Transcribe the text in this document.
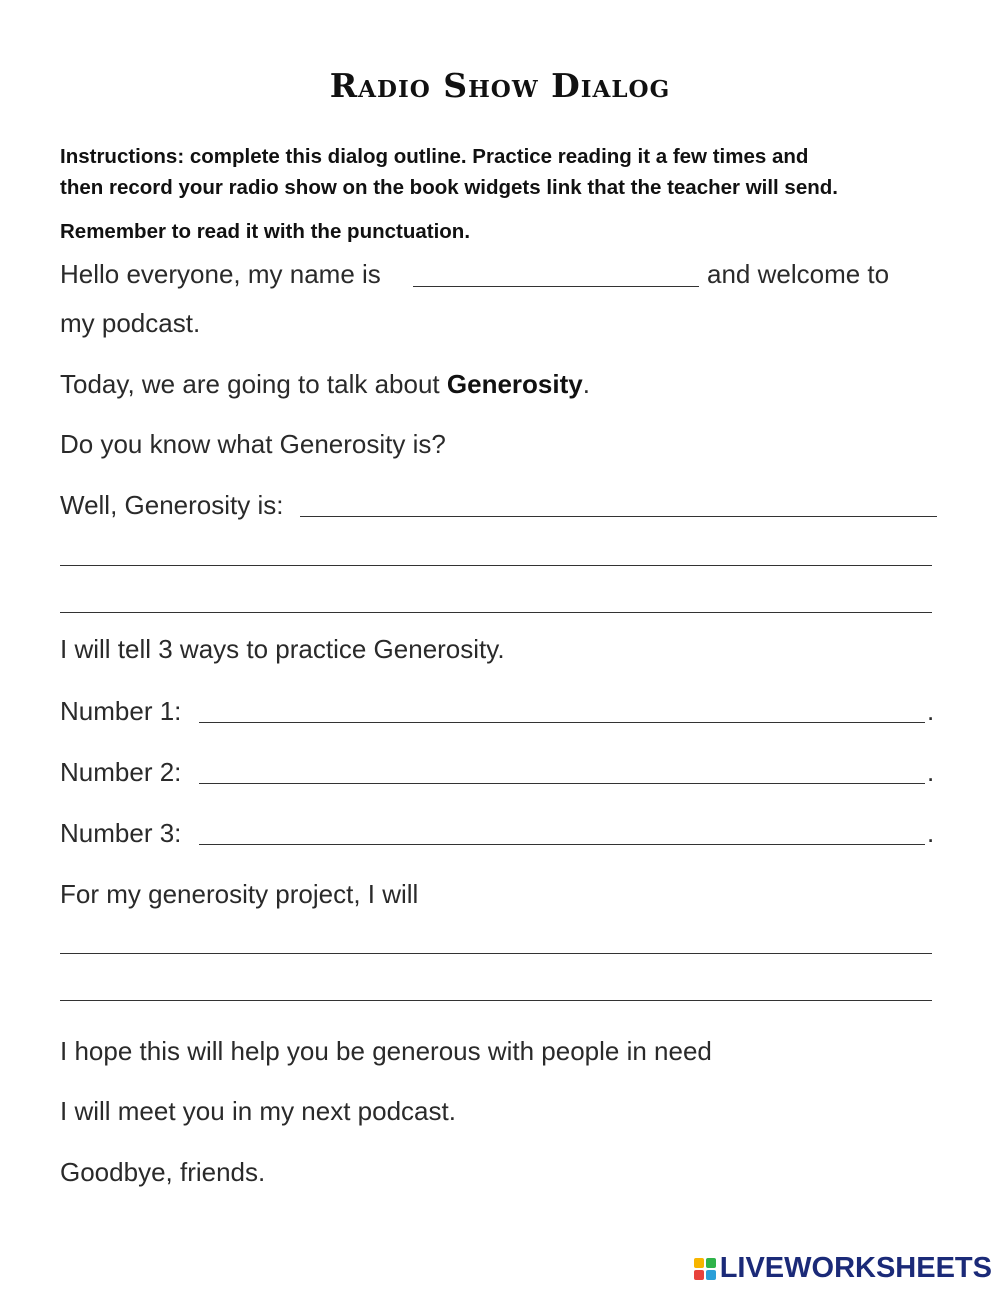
Radio Show Dialog
Instructions: complete this dialog outline. Practice reading it a few times and
then record your radio show on the book widgets link that the teacher will send.
Remember to read it with the punctuation.
Hello everyone, my name is	and welcome to
my podcast.
Today, we are going to talk about Generosity.
Do you know what Generosity is?
Well, Generosity is:
I will tell 3 ways to practice Generosity.
Number 1:	.
Number 2:	.
Number 3:	.
For my generosity project, I will
I hope this will help you be generous with people in need
I will meet you in my next podcast.
Goodbye, friends.
LIVEWORKSHEETS
